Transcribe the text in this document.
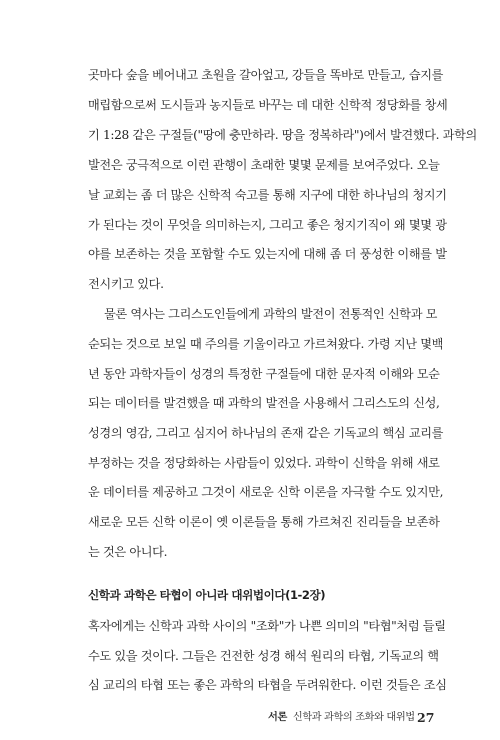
곳마다 숲을 베어내고 초원을 갈아엎고, 강들을 똑바로 만들고, 습지를
매립함으로써 도시들과 농지들로 바꾸는 데 대한 신학적 정당화를 창세
기 1:28 같은 구절들("땅에 충만하라. 땅을 정복하라")에서 발견했다. 과학의
발전은 궁극적으로 이런 관행이 초래한 몇몇 문제를 보여주었다. 오늘
날 교회는 좀 더 많은 신학적 숙고를 통해 지구에 대한 하나님의 청지기
가 된다는 것이 무엇을 의미하는지, 그리고 좋은 청지기직이 왜 몇몇 광
야를 보존하는 것을 포함할 수도 있는지에 대해 좀 더 풍성한 이해를 발
전시키고 있다.
물론 역사는 그리스도인들에게 과학의 발전이 전통적인 신학과 모
순되는 것으로 보일 때 주의를 기울이라고 가르쳐왔다. 가령 지난 몇백
년 동안 과학자들이 성경의 특정한 구절들에 대한 문자적 이해와 모순
되는 데이터를 발견했을 때 과학의 발전을 사용해서 그리스도의 신성,
성경의 영감, 그리고 심지어 하나님의 존재 같은 기독교의 핵심 교리를
부정하는 것을 정당화하는 사람들이 있었다. 과학이 신학을 위해 새로
운 데이터를 제공하고 그것이 새로운 신학 이론을 자극할 수도 있지만,
새로운 모든 신학 이론이 옛 이론들을 통해 가르쳐진 진리들을 보존하
는 것은 아니다.
신학과 과학은 타협이 아니라 대위법이다(1-2장)
혹자에게는 신학과 과학 사이의 "조화"가 나쁜 의미의 "타협"처럼 들릴
수도 있을 것이다. 그들은 건전한 성경 해석 원리의 타협, 기독교의 핵
심 교리의 타협 또는 좋은 과학의 타협을 두려워한다. 이런 것들은 조심
서론 신학과 과학의 조화와 대위법 27
